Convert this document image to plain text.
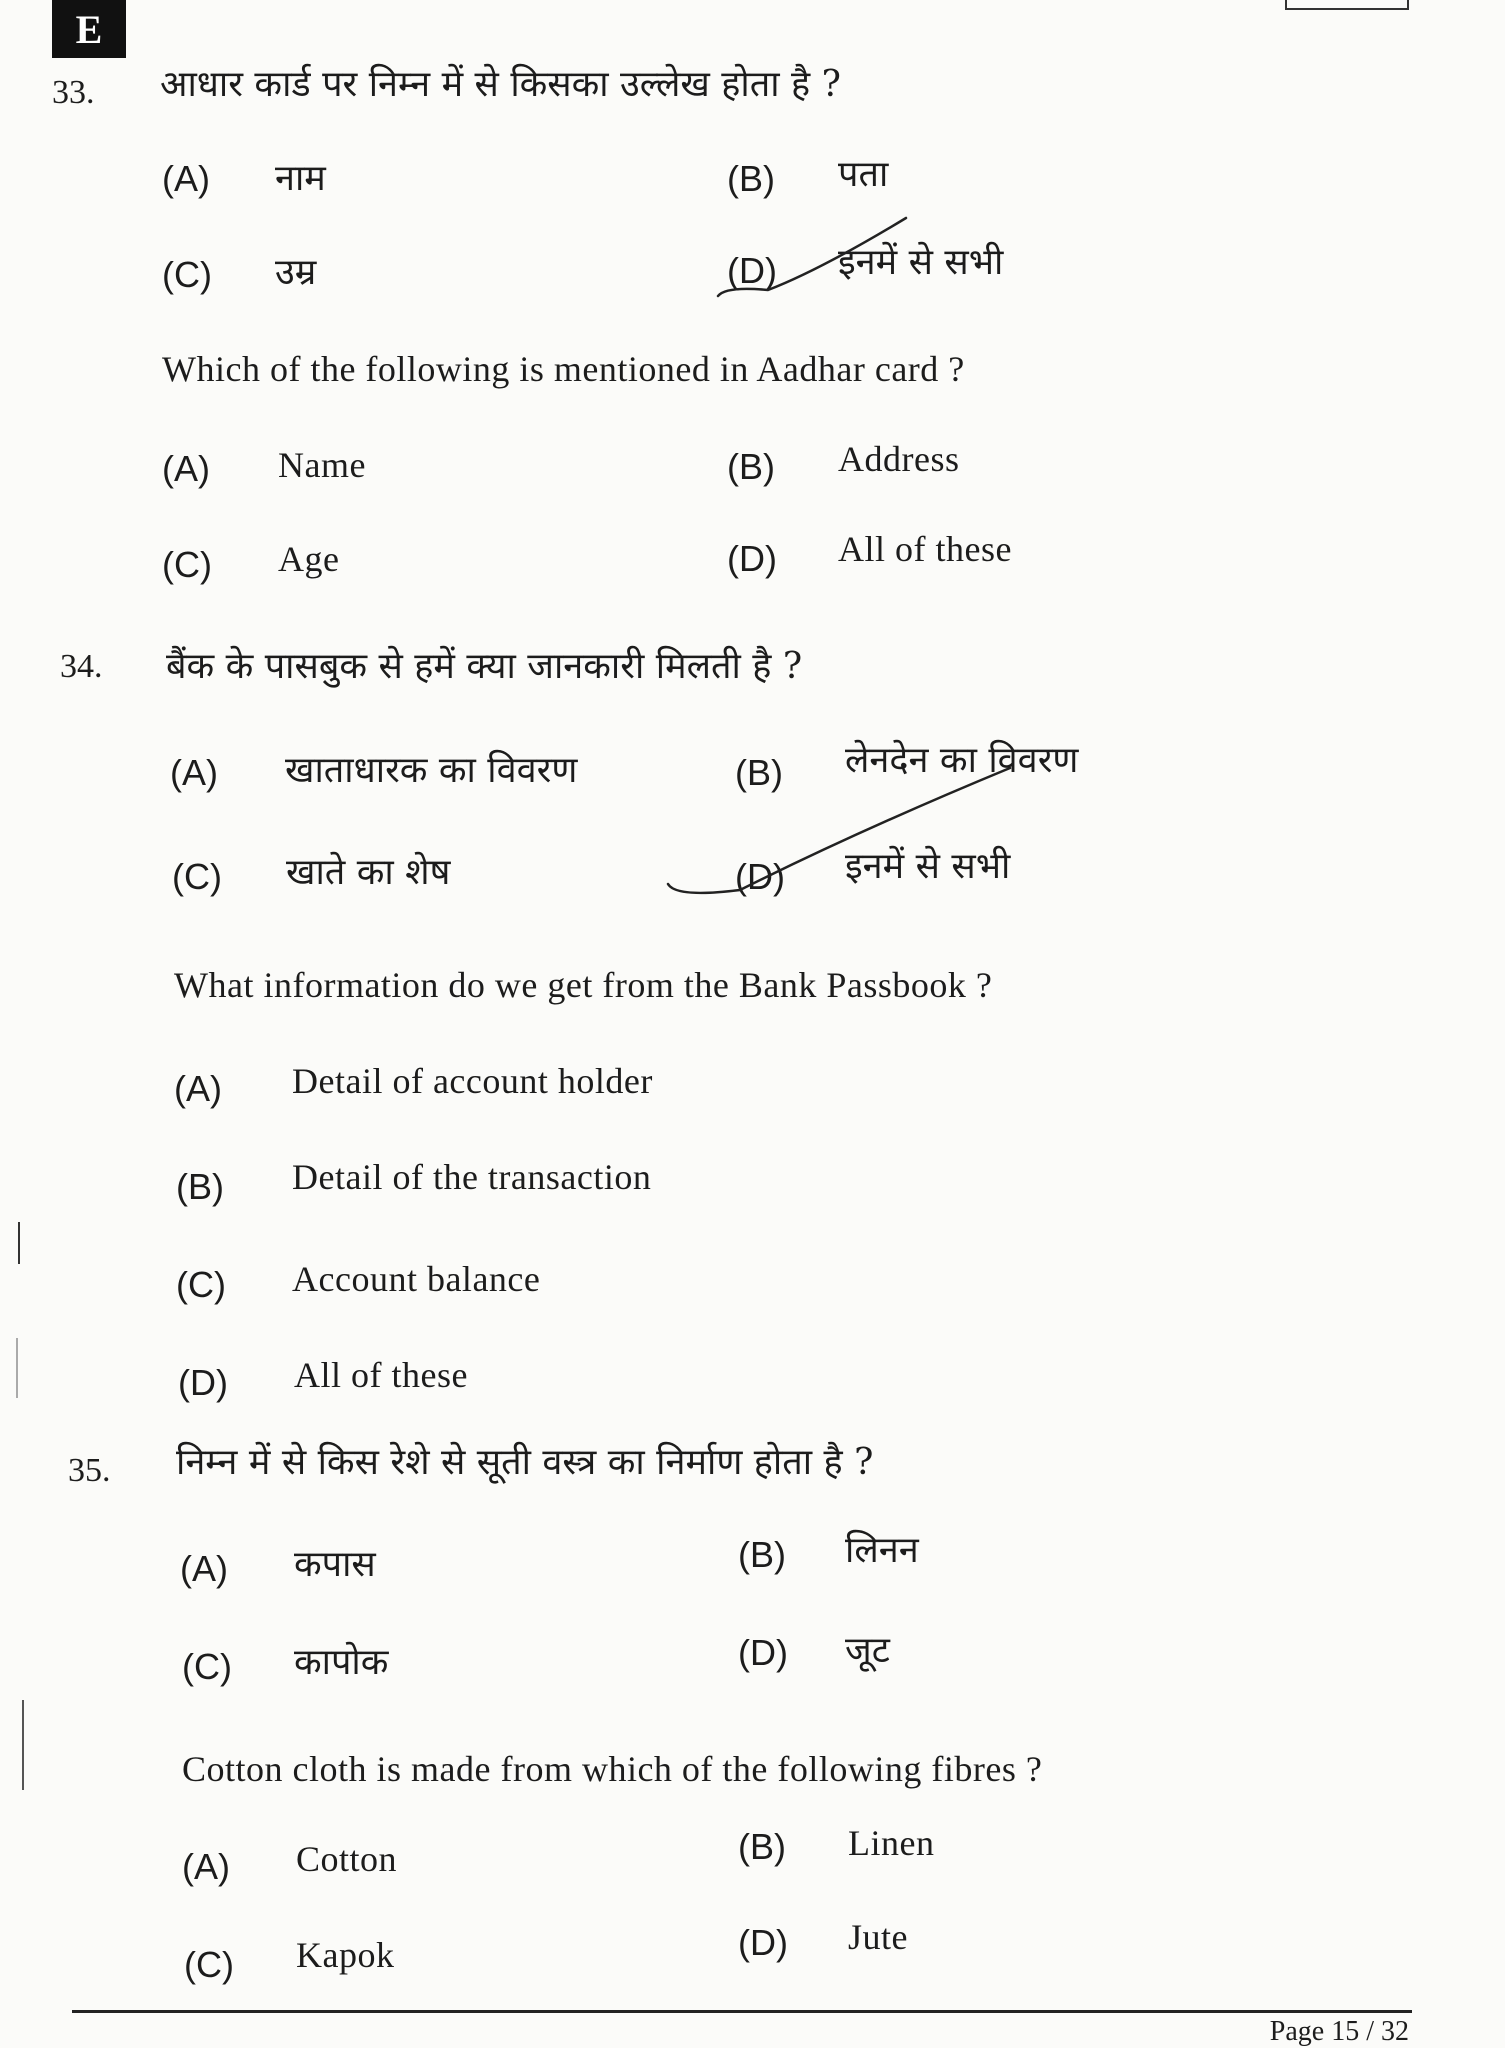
E
33. आधार कार्ड पर निम्न में से किसका उल्लेख होता है ?
(A) नाम	(B) पता
(C) उम्र	(D) इनमें से सभी
Which of the following is mentioned in Aadhar card ?
(A) Name	(B) Address
(C) Age	(D) All of these
34. बैंक के पासबुक से हमें क्या जानकारी मिलती है ?
(A) खाताधारक का विवरण	(B) लेनदेन का विवरण
(C) खाते का शेष	(D) इनमें से सभी
What information do we get from the Bank Passbook ?
(A) Detail of account holder
(B) Detail of the transaction
(C) Account balance
(D) All of these
35. निम्न में से किस रेशे से सूती वस्त्र का निर्माण होता है ?
(A) कपास	(B) लिनन
(C) कापोक	(D) जूट
Cotton cloth is made from which of the following fibres ?
(A) Cotton	(B) Linen
(C) Kapok	(D) Jute
Page 15 / 32
